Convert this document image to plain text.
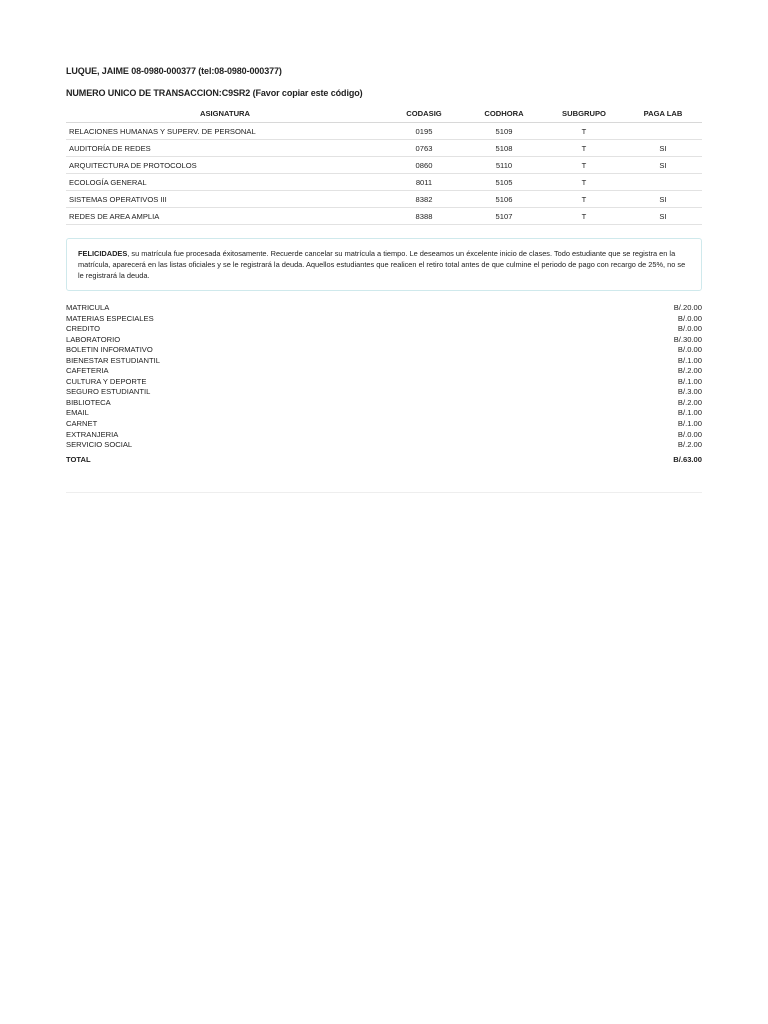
LUQUE, JAIME 08-0980-000377 (tel:08-0980-000377)
NUMERO UNICO DE TRANSACCION:C9SR2 (Favor copiar este código)
ASIGNATURA	CODASIG	CODHORA	SUBGRUPO	PAGA LAB
RELACIONES HUMANAS Y SUPERV. DE PERSONAL	0195	5109	T	
AUDITORÍA DE REDES	0763	5108	T	SI
ARQUITECTURA DE PROTOCOLOS	0860	5110	T	SI
ECOLOGÍA GENERAL	8011	5105	T	
SISTEMAS OPERATIVOS III	8382	5106	T	SI
REDES DE AREA AMPLIA	8388	5107	T	SI
FELICIDADES, su matrícula fue procesada éxitosamente. Recuerde cancelar su matrícula a tiempo. Le deseamos un éxcelente inicio de clases. Todo estudiante que se registra en la matrícula, aparecerá en las listas oficiales y se le registrará la deuda. Aquellos estudiantes que realicen el retiro total antes de que culmine el periodo de pago con recargo de 25%, no se le registrará la deuda.
MATRICULA	B/.20.00
MATERIAS ESPECIALES	B/.0.00
CREDITO	B/.0.00
LABORATORIO	B/.30.00
BOLETIN INFORMATIVO	B/.0.00
BIENESTAR ESTUDIANTIL	B/.1.00
CAFETERIA	B/.2.00
CULTURA Y DEPORTE	B/.1.00
SEGURO ESTUDIANTIL	B/.3.00
BIBLIOTECA	B/.2.00
EMAIL	B/.1.00
CARNET	B/.1.00
EXTRANJERIA	B/.0.00
SERVICIO SOCIAL	B/.2.00
TOTAL	B/.63.00
